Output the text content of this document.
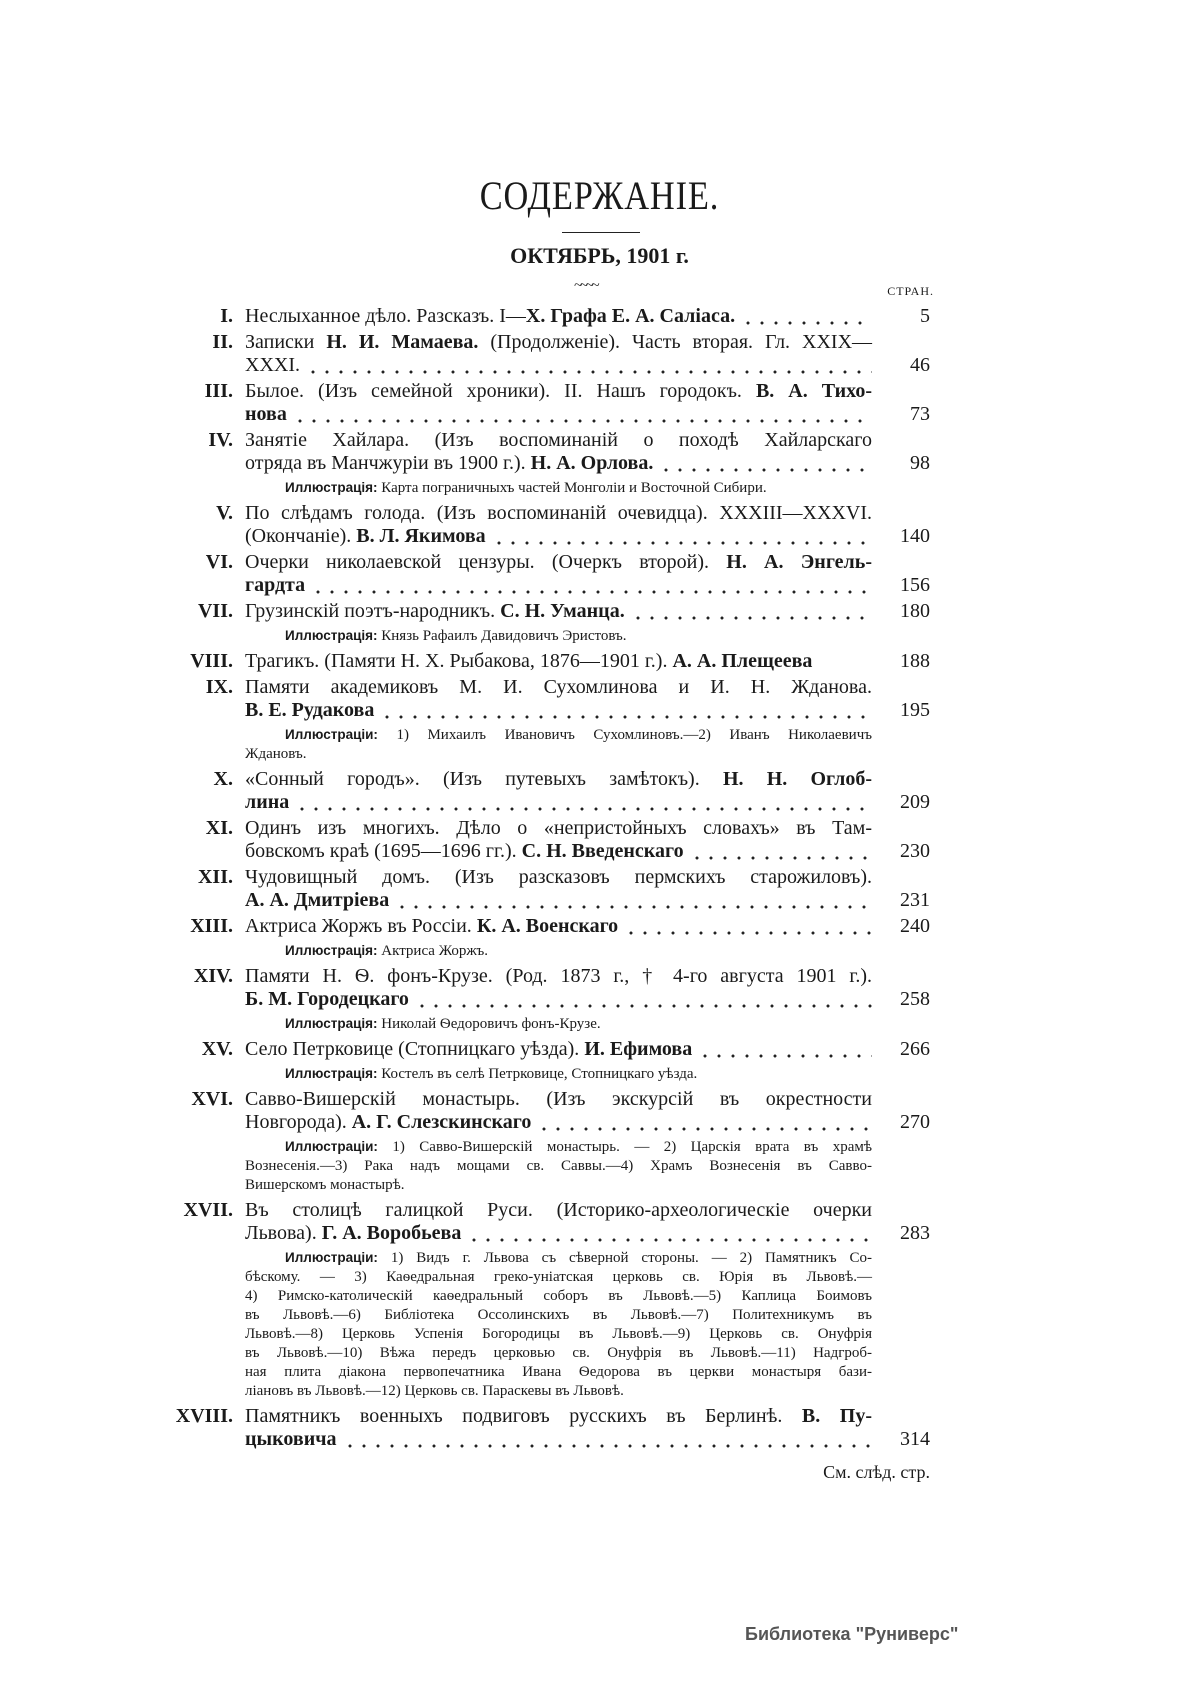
СОДЕРЖАНІЕ.
ОКТЯБРЬ, 1901 г.
~~~~	СТРАН.
I. Неслыханное дѣло. Разсказъ. I— X. Графа Е. А. Саліаса.	5
II. Записки Н. И. Мамаева. (Продолженіе). Часть вторая. Гл. XXIX—
XXXI.	46
III. Былое. (Изъ семейной хроники). II. Нашъ городокъ. В. А. Тихо-
нова	73
IV. Занятіе Хайлара. (Изъ воспоминаній о походѣ Хайларскаго
отряда въ Манчжуріи въ 1900 г.). Н. А. Орлова.	98
Иллюстрація: Карта пограничныхъ частей Монголіи и Восточной Сибири.
V. По слѣдамъ голода. (Изъ воспоминаній очевидца). XXXIII—XXXVI.
(Окончаніе). В. Л. Якимова	140
VI. Очерки николаевской цензуры. (Очеркъ второй). Н. А. Энгель-
гардта	156
VII. Грузинскій поэтъ-народникъ. С. Н. Уманца.	180
Иллюстрація: Князь Рафаилъ Давидовичъ Эристовъ.
VIII. Трагикъ. (Памяти Н. Х. Рыбакова, 1876—1901 г.). А. А. Плещеева	188
IX. Памяти академиковъ М. И. Сухомлинова и И. Н. Жданова.
В. Е. Рудакова	195
Иллюстраціи: 1) Михаилъ Ивановичъ Сухомлиновъ.—2) Иванъ Николаевичъ
Ждановъ.
X. «Сонный городъ». (Изъ путевыхъ замѣтокъ). Н. Н. Оглоб-
лина	209
XI. Одинъ изъ многихъ. Дѣло о «непристойныхъ словахъ» въ Там-
бовскомъ краѣ (1695—1696 гг.). С. Н. Введенскаго	230
XII. Чудовищный домъ. (Изъ разсказовъ пермскихъ старожиловъ).
А. А. Дмитріева	231
XIII. Актриса Жоржъ въ Россіи. К. А. Военскаго	240
Иллюстрація: Актриса Жоржъ.
XIV. Памяти Н. Ѳ. фонъ-Крузе. (Род. 1873 г., † 4-го августа 1901 г.).
Б. М. Городецкаго	258
Иллюстрація: Николай Ѳедоровичъ фонъ-Крузе.
XV. Село Петрковице (Стопницкаго уѣзда). И. Ефимова	266
Иллюстрація: Костелъ въ селѣ Петрковице, Стопницкаго уѣзда.
XVI. Савво-Вишерскій монастырь. (Изъ экскурсій въ окрестности
Новгорода). А. Г. Слезскинскаго	270
Иллюстраціи: 1) Савво-Вишерскій монастырь. — 2) Царскія врата въ храмѣ
Вознесенія.—3) Рака надъ мощами св. Саввы.—4) Храмъ Вознесенія въ Савво-
Вишерскомъ монастырѣ.
XVII. Въ столицѣ галицкой Руси. (Историко-археологическіе очерки
Львова). Г. А. Воробьева	283
Иллюстраціи: 1) Видъ г. Львова съ сѣверной стороны. — 2) Памятникъ Со-
бѣскому. — 3) Каѳедральная греко-уніатская церковь св. Юрія въ Львовѣ.—
4) Римско-католическій каѳедральный соборъ въ Львовѣ.—5) Каплица Боимовъ
въ Львовѣ.—6) Библіотека Оссолинскихъ въ Львовѣ.—7) Политехникумъ въ
Львовѣ.—8) Церковь Успенія Богородицы въ Львовѣ.—9) Церковь св. Онуфрія
въ Львовѣ.—10) Вѣжа передъ церковью св. Онуфрія въ Львовѣ.—11) Надгроб-
ная плита діакона первопечатника Ивана Ѳедорова въ церкви монастыря бази-
ліановъ въ Львовѣ.—12) Церковь св. Параскевы въ Львовѣ.
XVIII. Памятникъ военныхъ подвиговъ русскихъ въ Берлинѣ. В. Пу-
цыковича	314
См. слѣд. стр.
Библиотека "Руниверс"
